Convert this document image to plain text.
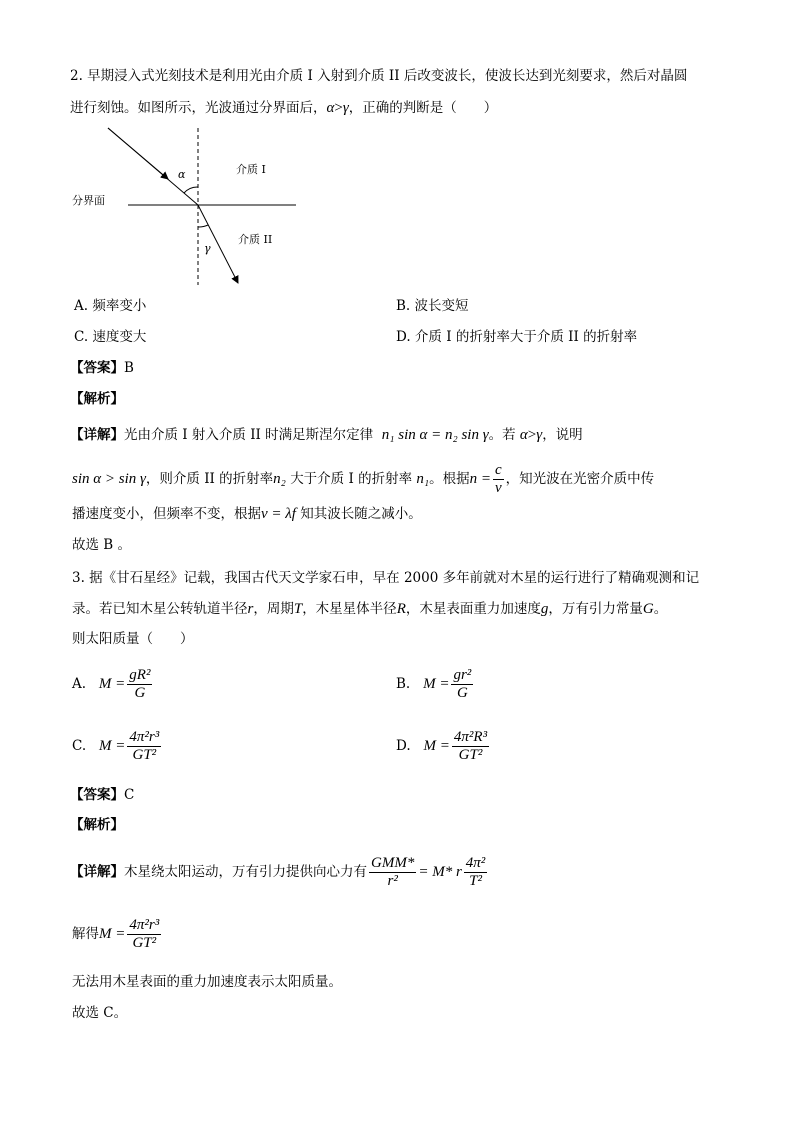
2. 早期浸入式光刻技术是利用光由介质 I 入射到介质 II 后改变波长，使波长达到光刻要求，然后对晶圆
进行刻蚀。如图所示，光波通过分界面后，α>γ，正确的判断是（　　）
α
γ
介质 I
介质 II
分界面
A. 频率变小	B. 波长变短
C. 速度变大	D. 介质 I 的折射率大于介质 II 的折射率
【答案】B
【解析】
【详解】光由介质 I 射入介质 II 时满足斯涅尔定律 n₁ sin α = n₂ sin γ。若 α>γ，说明
sin α > sin γ，则介质 II 的折射率n₂ 大于介质 I 的折射率 n₁。根据$n = \frac{c}{v}$ ，知光波在光密介质中传
播速度变小，但频率不变，根据v = λf 知其波长随之减小。
故选 B 。
3. 据《甘石星经》记载，我国古代天文学家石申，早在 2000 多年前就对木星的运行进行了精确观测和记
录。若已知木星公转轨道半径r，周期T，木星星体半径R，木星表面重力加速度g，万有引力常量G。
则太阳质量（　　）
A. $M = \frac{\text{gR²}}{G}$	B. $M = \frac{\text{gr²}}{G}$
C. $M = \frac{\text{4π²r³}}{\text{GT²}}$	D. $M = \frac{\text{4π²R³}}{\text{GT²}}$
【答案】C
【解析】
【详解】木星绕太阳运动，万有引力提供向心力有 $\frac{\text{GMM*}}{\text{r²}} = M*$ r $\frac{\text{4π²}}{\text{T²}}$
解得$M = \frac{\text{4π²r³}}{\text{GT²}}$
无法用木星表面的重力加速度表示太阳质量。
故选 C。
